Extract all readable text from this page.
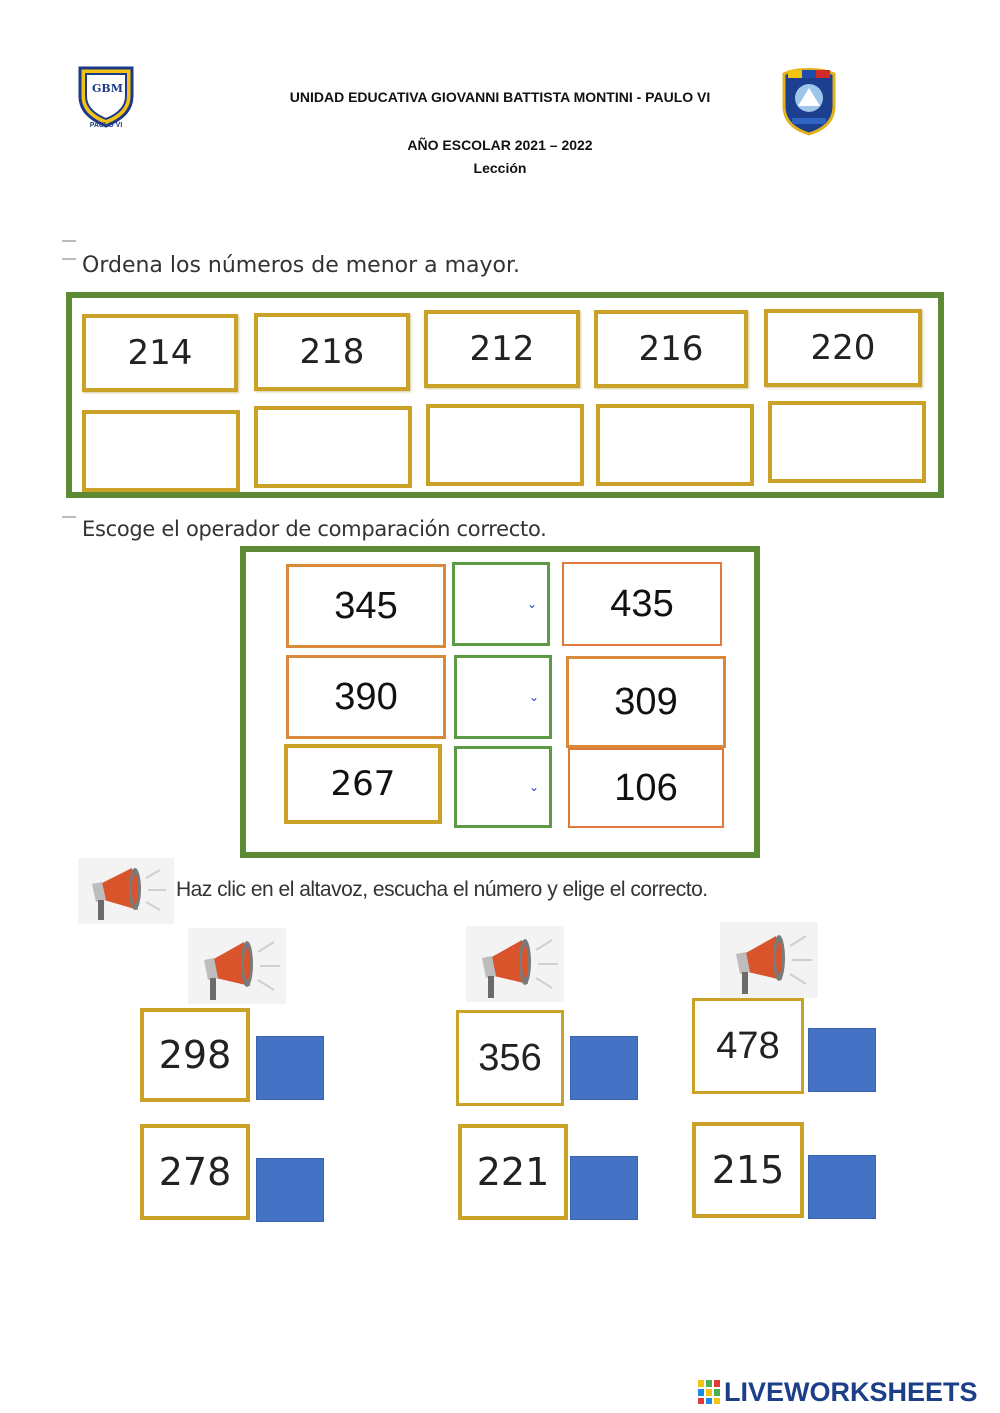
GBM
PAULO VI
UNIDAD EDUCATIVA GIOVANNI BATTISTA MONTINI - PAULO VI
AÑO ESCOLAR 2021 – 2022
Lección
Ordena los números de menor a mayor.
214	218	212	216	220
Escoge el operador de comparación correcto.
345	⌄	435
390	⌄	309
267	⌄	106
Haz clic en el altavoz, escucha el número y elige el correcto.
298
278
356
221
478
215
LIVEWORKSHEETS
